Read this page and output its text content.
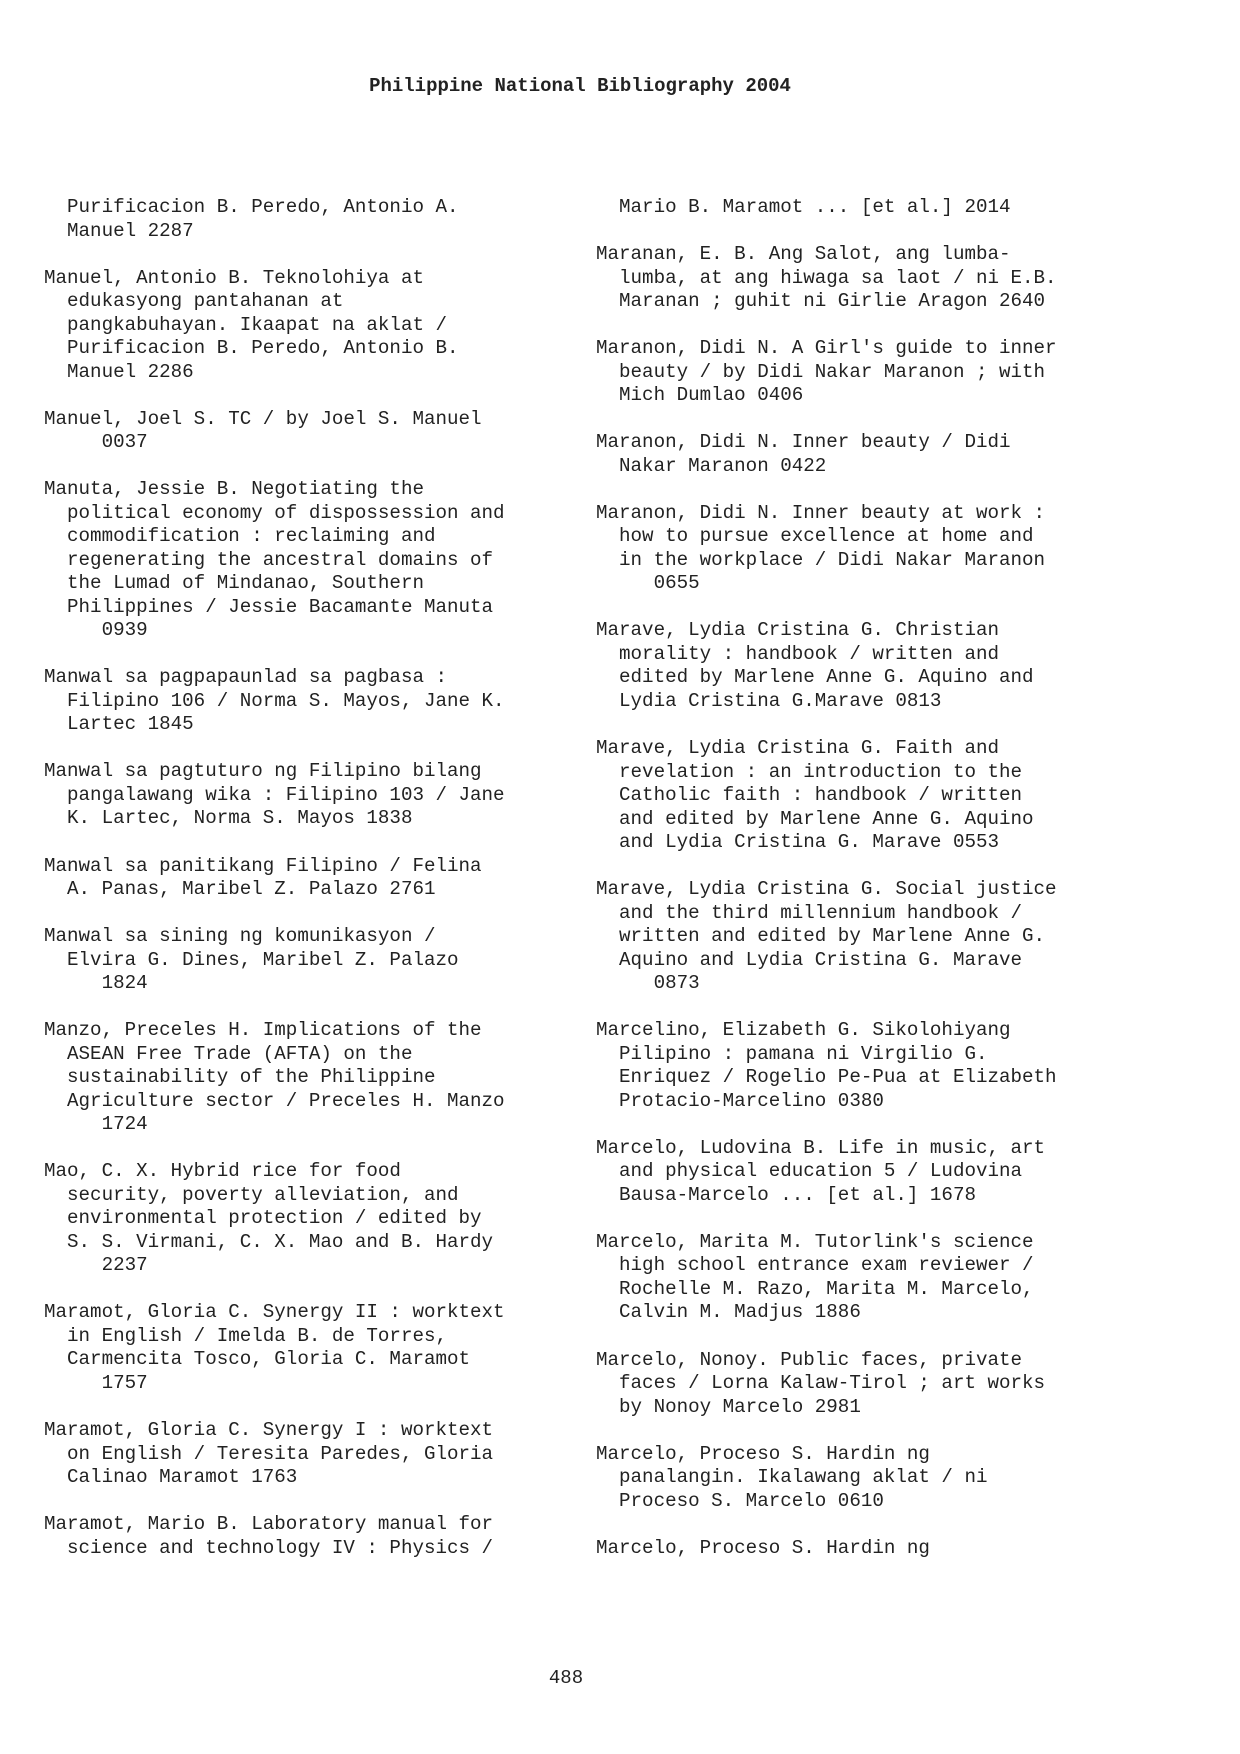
Philippine National Bibliography 2004
Purificacion B. Peredo, Antonio A.
Manuel 2287
Manuel, Antonio B. Teknolohiya at
edukasyong pantahanan at
pangkabuhayan. Ikaapat na aklat /
Purificacion B. Peredo, Antonio B.
Manuel 2286
Manuel, Joel S. TC / by Joel S. Manuel
0037
Manuta, Jessie B. Negotiating the
political economy of dispossession and
commodification : reclaiming and
regenerating the ancestral domains of
the Lumad of Mindanao, Southern
Philippines / Jessie Bacamante Manuta
0939
Manwal sa pagpapaunlad sa pagbasa :
Filipino 106 / Norma S. Mayos, Jane K.
Lartec 1845
Manwal sa pagtuturo ng Filipino bilang
pangalawang wika : Filipino 103 / Jane
K. Lartec, Norma S. Mayos 1838
Manwal sa panitikang Filipino / Felina
A. Panas, Maribel Z. Palazo 2761
Manwal sa sining ng komunikasyon /
Elvira G. Dines, Maribel Z. Palazo
1824
Manzo, Preceles H. Implications of the
ASEAN Free Trade (AFTA) on the
sustainability of the Philippine
Agriculture sector / Preceles H. Manzo
1724
Mao, C. X. Hybrid rice for food
security, poverty alleviation, and
environmental protection / edited by
S. S. Virmani, C. X. Mao and B. Hardy
2237
Maramot, Gloria C. Synergy II : worktext
in English / Imelda B. de Torres,
Carmencita Tosco, Gloria C. Maramot
1757
Maramot, Gloria C. Synergy I : worktext
on English / Teresita Paredes, Gloria
Calinao Maramot 1763
Maramot, Mario B. Laboratory manual for
science and technology IV : Physics /
Mario B. Maramot ... [et al.] 2014
Maranan, E. B. Ang Salot, ang lumba-
lumba, at ang hiwaga sa laot / ni E.B.
Maranan ; guhit ni Girlie Aragon 2640
Maranon, Didi N. A Girl's guide to inner
beauty / by Didi Nakar Maranon ; with
Mich Dumlao 0406
Maranon, Didi N. Inner beauty / Didi
Nakar Maranon 0422
Maranon, Didi N. Inner beauty at work :
how to pursue excellence at home and
in the workplace / Didi Nakar Maranon
0655
Marave, Lydia Cristina G. Christian
morality : handbook / written and
edited by Marlene Anne G. Aquino and
Lydia Cristina G.Marave 0813
Marave, Lydia Cristina G. Faith and
revelation : an introduction to the
Catholic faith : handbook / written
and edited by Marlene Anne G. Aquino
and Lydia Cristina G. Marave 0553
Marave, Lydia Cristina G. Social justice
and the third millennium handbook /
written and edited by Marlene Anne G.
Aquino and Lydia Cristina G. Marave
0873
Marcelino, Elizabeth G. Sikolohiyang
Pilipino : pamana ni Virgilio G.
Enriquez / Rogelio Pe-Pua at Elizabeth
Protacio-Marcelino 0380
Marcelo, Ludovina B. Life in music, art
and physical education 5 / Ludovina
Bausa-Marcelo ... [et al.] 1678
Marcelo, Marita M. Tutorlink's science
high school entrance exam reviewer /
Rochelle M. Razo, Marita M. Marcelo,
Calvin M. Madjus 1886
Marcelo, Nonoy. Public faces, private
faces / Lorna Kalaw-Tirol ; art works
by Nonoy Marcelo 2981
Marcelo, Proceso S. Hardin ng
panalangin. Ikalawang aklat / ni
Proceso S. Marcelo 0610
Marcelo, Proceso S. Hardin ng
488
